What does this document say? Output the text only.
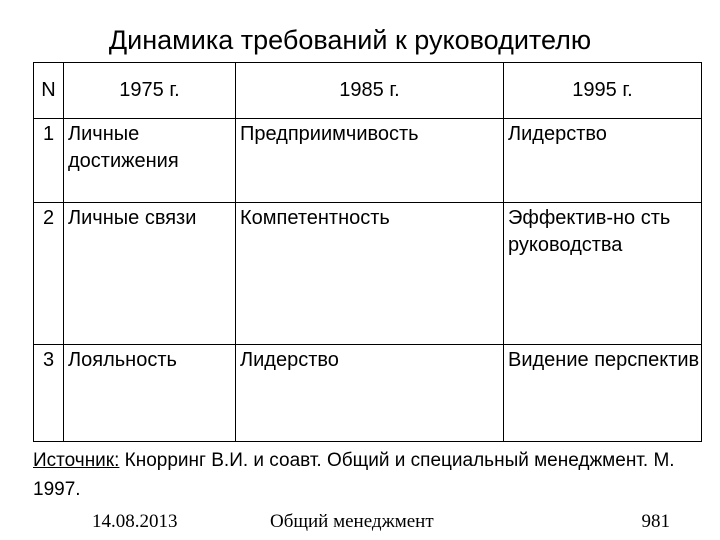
Динамика требований к руководителю
N	1975 г.	1985 г.	1995 г.
1	Личные достижения	Предприимчивость	Лидерство
2	Личные связи	Компетентность	Эффектив-но сть руководства
3	Лояльность	Лидерство	Видение перспектив
Источник: Кнорринг В.И. и соавт. Общий и специальный менеджмент. М. 1997.
14.08.2013	Общий менеджмент	981
